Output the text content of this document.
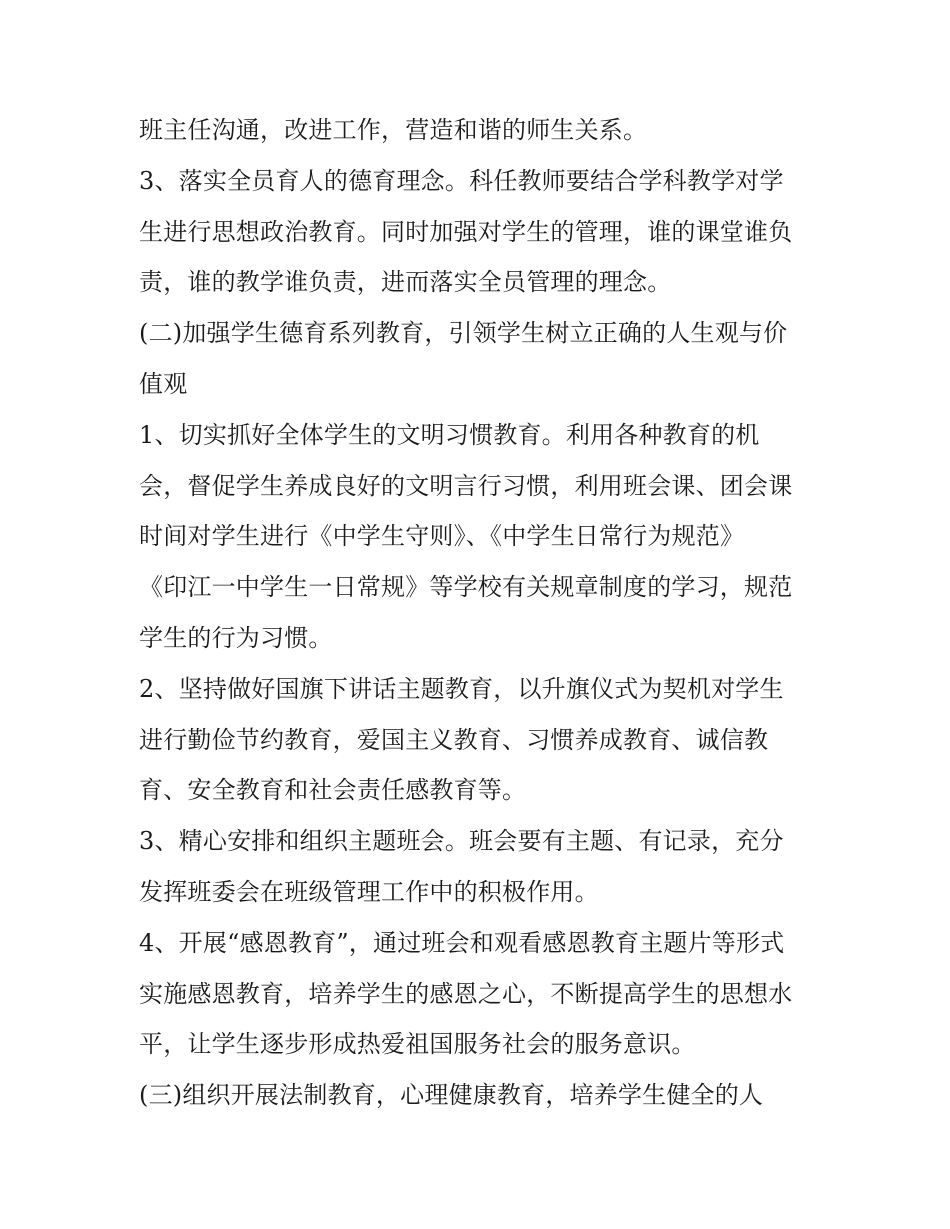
班主任沟通，改进工作，营造和谐的师生关系。
3、落实全员育人的德育理念。科任教师要结合学科教学对学
生进行思想政治教育。同时加强对学生的管理，谁的课堂谁负
责，谁的教学谁负责，进而落实全员管理的理念。
(二)加强学生德育系列教育，引领学生树立正确的人生观与价
值观
1、切实抓好全体学生的文明习惯教育。利用各种教育的机
会，督促学生养成良好的文明言行习惯，利用班会课、团会课
时间对学生进行《中学生守则》、《中学生日常行为规范》
《印江一中学生一日常规》等学校有关规章制度的学习，规范
学生的行为习惯。
2、坚持做好国旗下讲话主题教育，以升旗仪式为契机对学生
进行勤俭节约教育，爱国主义教育、习惯养成教育、诚信教
育、安全教育和社会责任感教育等。
3、精心安排和组织主题班会。班会要有主题、有记录，充分
发挥班委会在班级管理工作中的积极作用。
4、开展“感恩教育”，通过班会和观看感恩教育主题片等形式
实施感恩教育，培养学生的感恩之心，不断提高学生的思想水
平，让学生逐步形成热爱祖国服务社会的服务意识。
(三)组织开展法制教育，心理健康教育，培养学生健全的人
